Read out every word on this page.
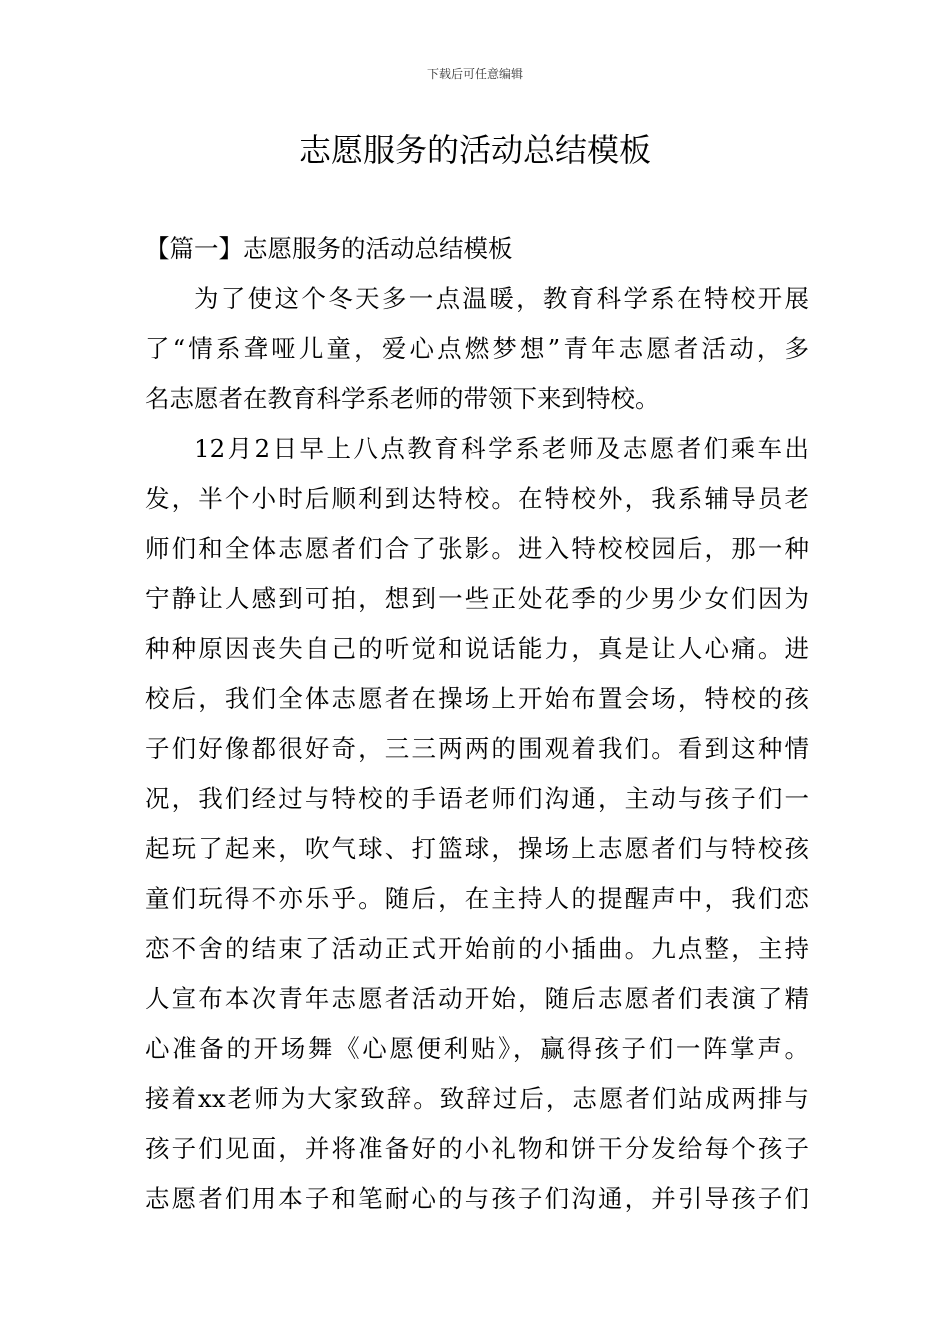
下载后可任意编辑
志愿服务的活动总结模板
【篇一】志愿服务的活动总结模板
为了使这个冬天多一点温暖，教育科学系在特校开展
了“情系聋哑儿童，爱心点燃梦想”青年志愿者活动，多
名志愿者在教育科学系老师的带领下来到特校。
12月2日早上八点教育科学系老师及志愿者们乘车出
发，半个小时后顺利到达特校。在特校外，我系辅导员老
师们和全体志愿者们合了张影。进入特校校园后，那一种
宁静让人感到可拍，想到一些正处花季的少男少女们因为
种种原因丧失自己的听觉和说话能力，真是让人心痛。进
校后，我们全体志愿者在操场上开始布置会场，特校的孩
子们好像都很好奇，三三两两的围观着我们。看到这种情
况，我们经过与特校的手语老师们沟通，主动与孩子们一
起玩了起来，吹气球、打篮球，操场上志愿者们与特校孩
童们玩得不亦乐乎。随后，在主持人的提醒声中，我们恋
恋不舍的结束了活动正式开始前的小插曲。九点整，主持
人宣布本次青年志愿者活动开始，随后志愿者们表演了精
心准备的开场舞《心愿便利贴》，赢得孩子们一阵掌声。
接着xx老师为大家致辞。致辞过后，志愿者们站成两排与
孩子们见面，并将准备好的小礼物和饼干分发给每个孩子
志愿者们用本子和笔耐心的与孩子们沟通，并引导孩子们
